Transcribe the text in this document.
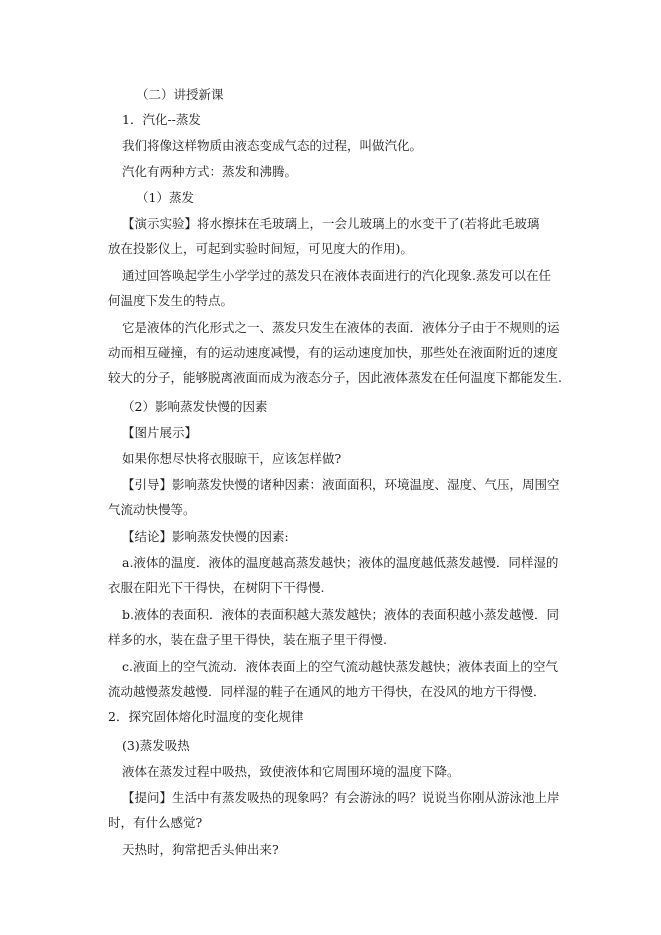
（二）讲授新课
1．汽化--蒸发
我们将像这样物质由液态变成气态的过程，叫做汽化。
汽化有两种方式：蒸发和沸腾。
（1）蒸发
【演示实验】将水擦抹在毛玻璃上，一会儿玻璃上的水变干了(若将此毛玻璃放在投影仪上，可起到实验时间短，可见度大的作用)。
通过回答唤起学生小学学过的蒸发只在液体表面进行的汽化现象.蒸发可以在任何温度下发生的特点。
它是液体的汽化形式之一、蒸发只发生在液体的表面．液体分子由于不规则的运动而相互碰撞，有的运动速度减慢，有的运动速度加快，那些处在液面附近的速度较大的分子，能够脱离液面而成为液态分子，因此液体蒸发在任何温度下都能发生.
（2）影响蒸发快慢的因素
【图片展示】
如果你想尽快将衣服晾干，应该怎样做?
【引导】影响蒸发快慢的诸种因素：液面面积，环境温度、湿度、气压，周围空气流动快慢等。
【结论】影响蒸发快慢的因素:
a.液体的温度．液体的温度越高蒸发越快；液体的温度越低蒸发越慢．同样湿的衣服在阳光下干得快，在树阴下干得慢.
b.液体的表面积．液体的表面积越大蒸发越快；液体的表面积越小蒸发越慢．同样多的水，装在盘子里干得快，装在瓶子里干得慢.
c.液面上的空气流动．液体表面上的空气流动越快蒸发越快；液体表面上的空气流动越慢蒸发越慢．同样湿的鞋子在通风的地方干得快，在没风的地方干得慢．2．探究固体熔化时温度的变化规律
(3)蒸发吸热
液体在蒸发过程中吸热，致使液体和它周围环境的温度下降。
【提问】生活中有蒸发吸热的现象吗？有会游泳的吗？说说当你刚从游泳池上岸时，有什么感觉?
天热时，狗常把舌头伸出来?
